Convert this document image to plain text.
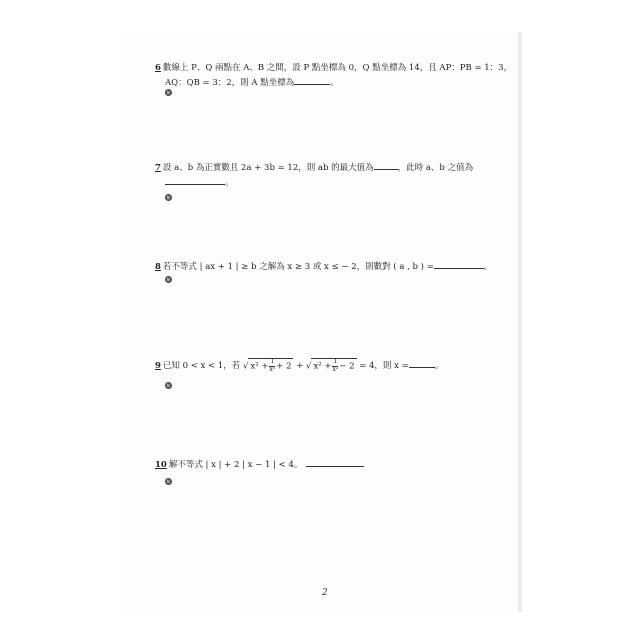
6 數線上 P、Q 兩點在 A、B 之間，設 P 點坐標為 0，Q 點坐標為 14，且 AP：PB = 1：3，
AQ：QB = 3：2，則 A 點坐標為	。
解
7 設 a、b 為正實數且 2a + 3b = 12，則 ab 的最大值為	，此時 a、b 之值為
。
解
8 若不等式 | ax + 1 | ≥ b 之解為 x ≥ 3 或 x ≤ − 2，則數對 ( a , b ) =	。
解
9 已知 0 < x < 1，若 √ $x^2 + \frac{1}{\text{x²}} + 2$ + √ $x^2 + \frac{1}{\text{x²}} - 2 = 4$，則 x =	。
解
10 解不等式 | x | + 2 | x − 1 | < 4。
解
2
